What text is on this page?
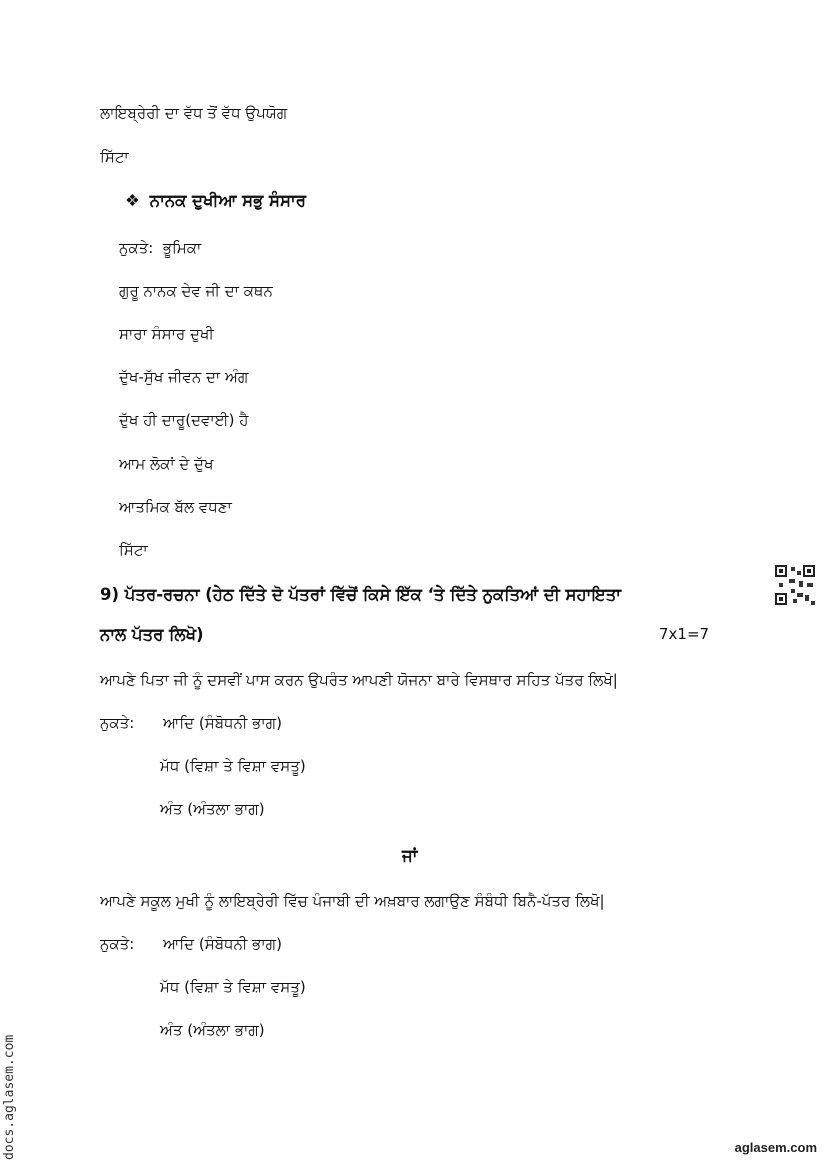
ਲਾਇਬ੍ਰੇਰੀ ਦਾ ਵੱਧ ਤੋਂ ਵੱਧ ਉਪਯੋਗ
ਸਿੱਟਾ
❖ ਨਾਨਕ ਦੁਖੀਆ ਸਭੁ ਸੰਸਾਰ
ਨੁਕਤੇ: ਭੂਮਿਕਾ
ਗੁਰੂ ਨਾਨਕ ਦੇਵ ਜੀ ਦਾ ਕਥਨ
ਸਾਰਾ ਸੰਸਾਰ ਦੁਖੀ
ਦੁੱਖ-ਸੁੱਖ ਜੀਵਨ ਦਾ ਅੰਗ
ਦੁੱਖ ਹੀ ਦਾਰੂ(ਦਵਾਈ) ਹੈ
ਆਮ ਲੋਕਾਂ ਦੇ ਦੁੱਖ
ਆਤਮਿਕ ਬੱਲ ਵਧਣਾ
ਸਿੱਟਾ
9) ਪੱਤਰ-ਰਚਨਾ (ਹੇਠ ਦਿੱਤੇ ਦੋ ਪੱਤਰਾਂ ਵਿੱਚੋਂ ਕਿਸੇ ਇੱਕ ‘ਤੇ ਦਿੱਤੇ ਨੁਕਤਿਆਂ ਦੀ ਸਹਾਇਤਾ
ਨਾਲ ਪੱਤਰ ਲਿਖੋ)	7x1=7
ਆਪਣੇ ਪਿਤਾ ਜੀ ਨੂੰ ਦਸਵੀਂ ਪਾਸ ਕਰਨ ਉਪਰੰਤ ਆਪਣੀ ਯੋਜਨਾ ਬਾਰੇ ਵਿਸਥਾਰ ਸਹਿਤ ਪੱਤਰ ਲਿਖੋ|
ਨੁਕਤੇ: ਆਦਿ (ਸੰਬੋਧਨੀ ਭਾਗ)
ਮੱਧ (ਵਿਸ਼ਾ ਤੇ ਵਿਸ਼ਾ ਵਸਤੂ)
ਅੰਤ (ਅੰਤਲਾ ਭਾਗ)
ਜਾਂ
ਆਪਣੇ ਸਕੂਲ ਮੁਖੀ ਨੂੰ ਲਾਇਬ੍ਰੇਰੀ ਵਿੱਚ ਪੰਜਾਬੀ ਦੀ ਅਖ਼ਬਾਰ ਲਗਾਉਣ ਸੰਬੰਧੀ ਬਿਨੈ-ਪੱਤਰ ਲਿਖੋ|
ਨੁਕਤੇ: ਆਦਿ (ਸੰਬੋਧਨੀ ਭਾਗ)
ਮੱਧ (ਵਿਸ਼ਾ ਤੇ ਵਿਸ਼ਾ ਵਸਤੂ)
ਅੰਤ (ਅੰਤਲਾ ਭਾਗ)
docs.aglasem.com	aglasem.com
